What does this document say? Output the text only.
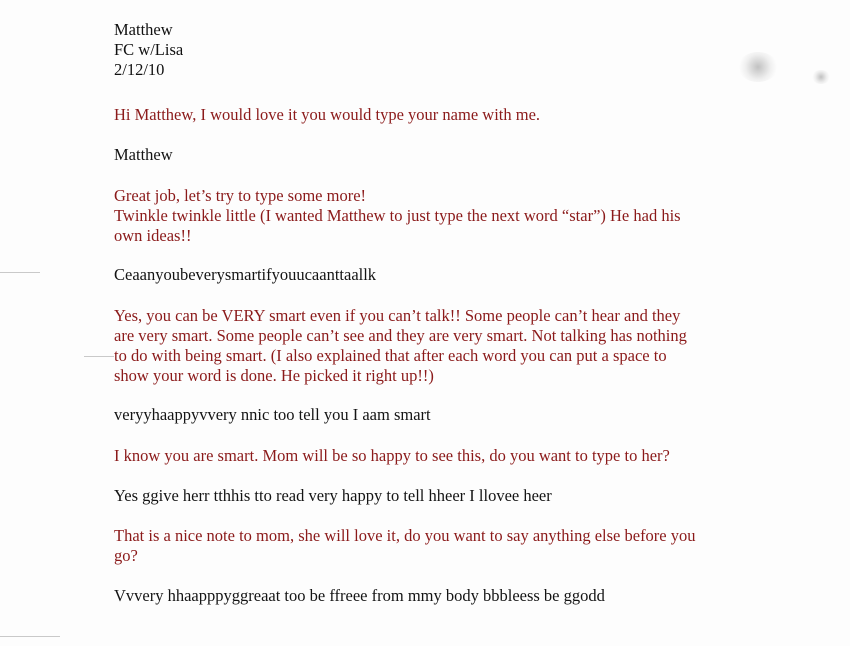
Matthew
FC w/Lisa
2/12/10
Hi Matthew, I would love it you would type your name with me.
Matthew
Great job, let’s try to type some more!
Twinkle twinkle little (I wanted Matthew to just type the next word “star”) He had his
own ideas!!
Ceaanyoubeverysmartifyouucaanttaallk
Yes, you can be VERY smart even if you can’t talk!! Some people can’t hear and they
are very smart. Some people can’t see and they are very smart. Not talking has nothing
to do with being smart. (I also explained that after each word you can put a space to
show your word is done. He picked it right up!!)
veryyhaappyvvery nnic too tell you I aam smart
I know you are smart. Mom will be so happy to see this, do you want to type to her?
Yes ggive herr tthhis tto read very happy to tell hheer I llovee heer
That is a nice note to mom, she will love it, do you want to say anything else before you
go?
Vvvery hhaapppyggreaat too be ffreee from mmy body bbbleess be ggodd
